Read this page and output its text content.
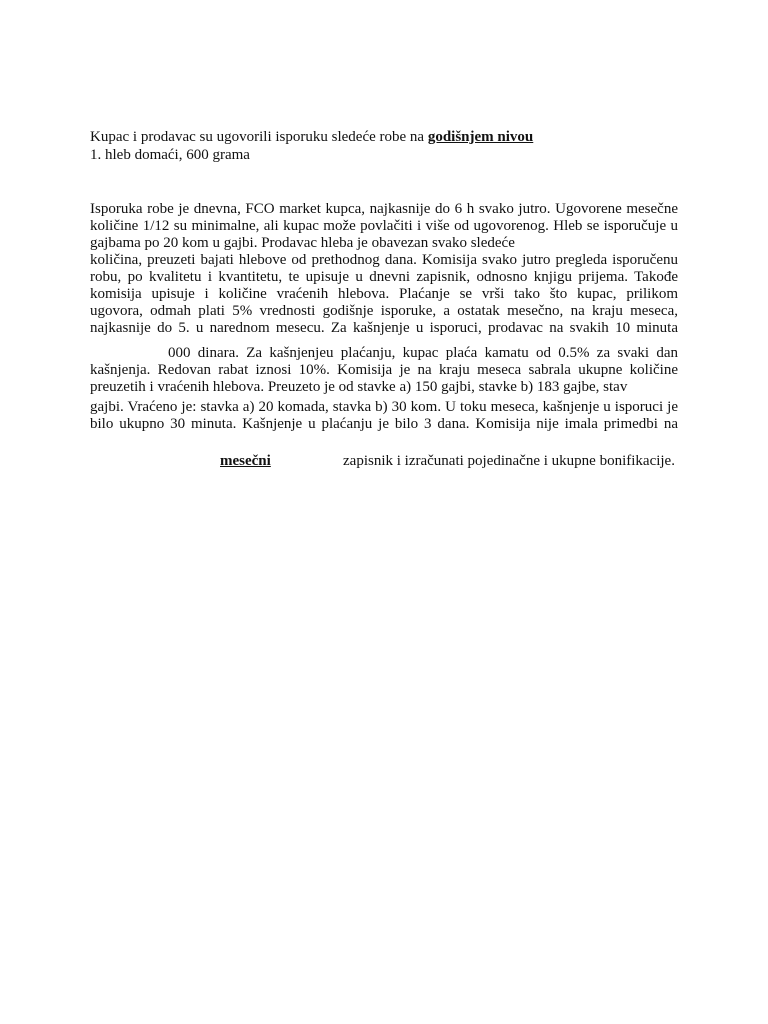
Kupac i prodavac su ugovorili isporuku sledeće robe na godišnjem nivou
1. hleb domaći, 600 grama
Isporuka robe je dnevna, FCO market kupca, najkasnije do 6 h svako jutro. Ugovorene mesečne
količine 1/12 su minimalne, ali kupac može povlačiti i više od ugovorenog. Hleb se isporučuje u
gajbama po 20 kom u gajbi. Prodavac hleba je obavezan svako sledeće
količina, preuzeti bajati hlebove od prethodnog dana. Komisija svako jutro pregleda isporučenu
robu, po kvalitetu i kvantitetu, te upisuje u dnevni zapisnik, odnosno knjigu prijema. Takođe
komisija upisuje i količine vraćenih hlebova. Plaćanje se vrši tako što kupac, prilikom
ugovora, odmah plati 5% vrednosti godišnje isporuke, a ostatak mesečno, na kraju meseca,
najkasnije do 5. u narednom mesecu. Za kašnjenje u isporuci, prodavac na svakih 10 minuta
000 dinara. Za kašnjenjeu plaćanju, kupac plaća kamatu od 0.5% za svaki dan
kašnjenja. Redovan rabat iznosi 10%. Komisija je na kraju meseca sabrala ukupne količine
preuzetih i vraćenih hlebova. Preuzeto je od stavke a) 150 gajbi, stavke b) 183 gajbe, stav
gajbi. Vraćeno je: stavka a) 20 komada, stavka b) 30 kom. U toku meseca, kašnjenje u isporuci je
bilo ukupno 30 minuta. Kašnjenje u plaćanju je bilo 3 dana. Komisija nije imala primedbi na
mesečni	zapisnik i izračunati pojedinačne i ukupne bonifikacije.
